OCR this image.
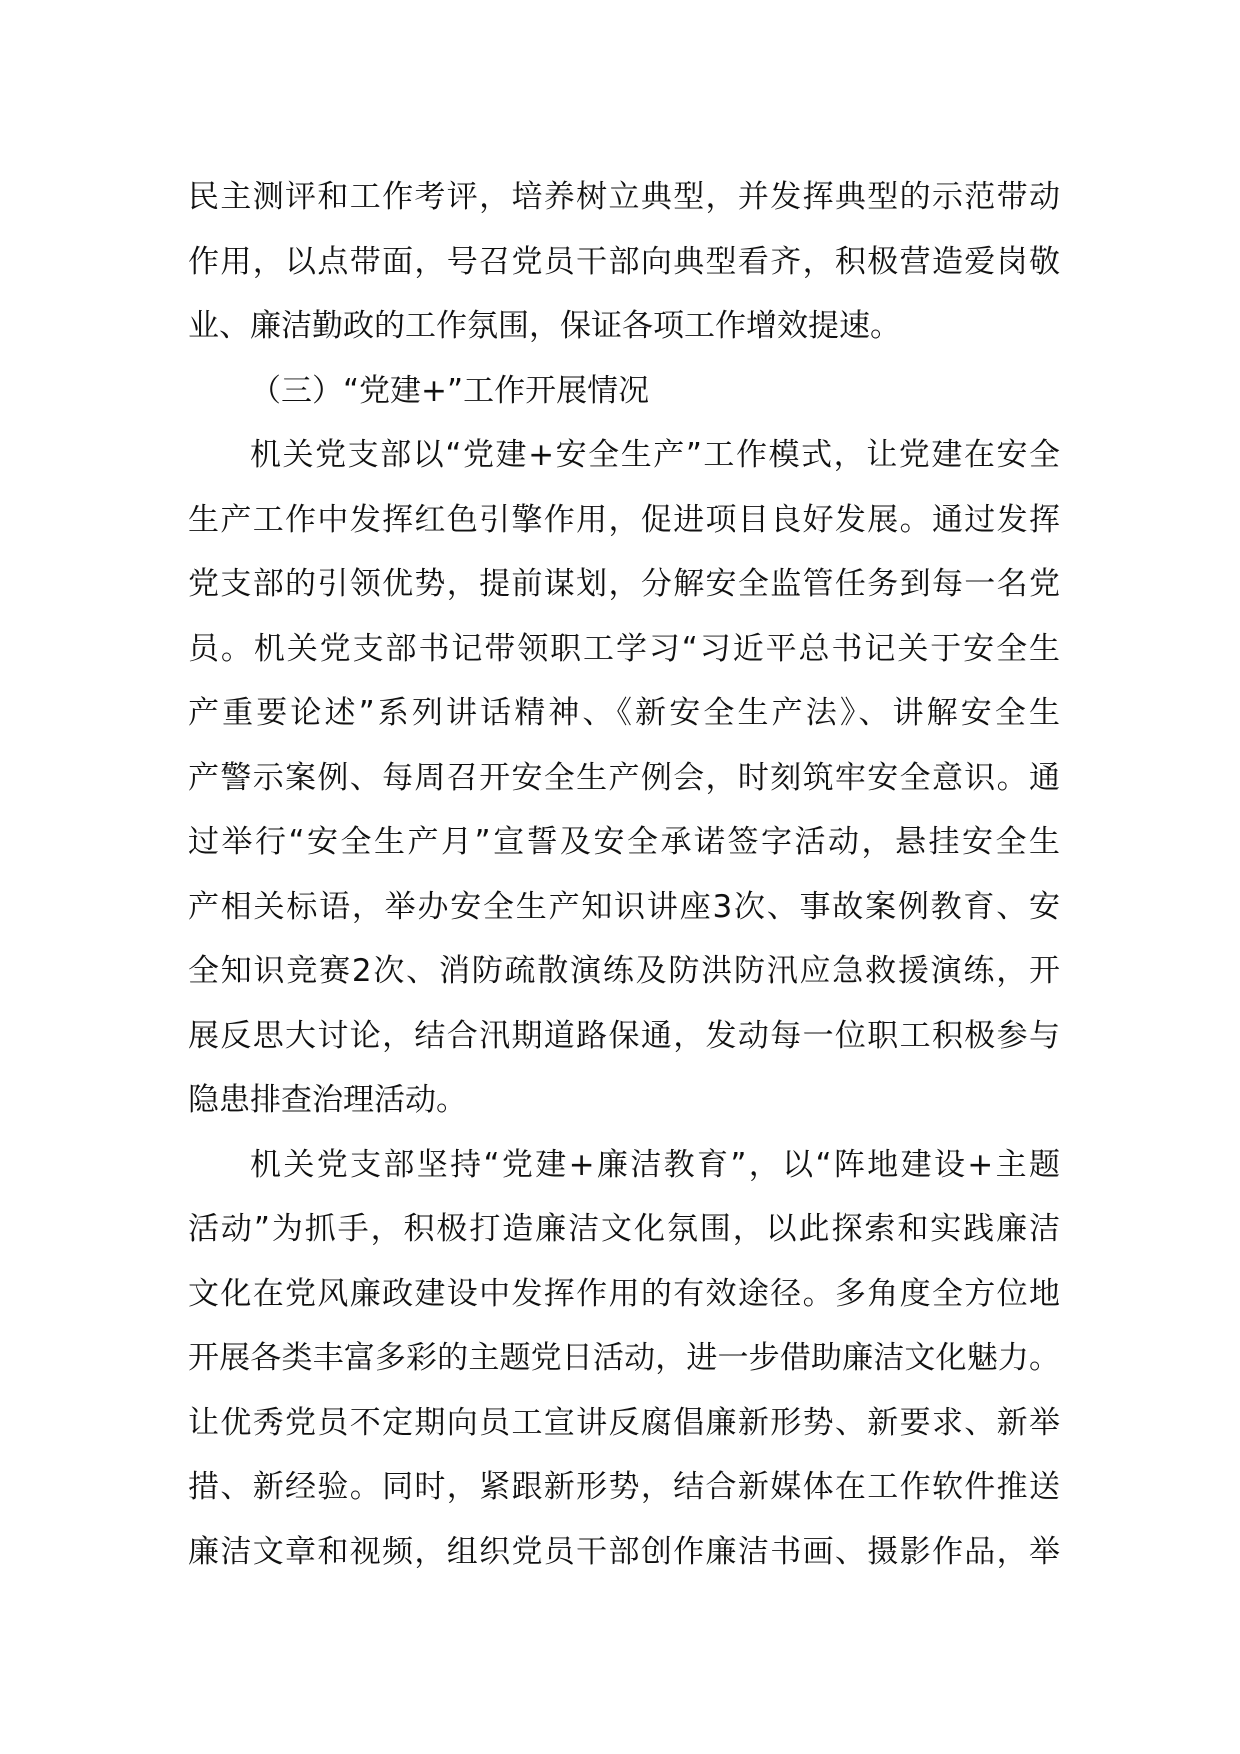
民主测评和工作考评，培养树立典型，并发挥典型的示范带动
作用，以点带面，号召党员干部向典型看齐，积极营造爱岗敬
业、廉洁勤政的工作氛围，保证各项工作增效提速。
（三）“党建+”工作开展情况
机关党支部以“党建+安全生产”工作模式，让党建在安全
生产工作中发挥红色引擎作用，促进项目良好发展。通过发挥
党支部的引领优势，提前谋划，分解安全监管任务到每一名党
员。机关党支部书记带领职工学习“习近平总书记关于安全生
产重要论述”系列讲话精神、《新安全生产法》、讲解安全生
产警示案例、每周召开安全生产例会，时刻筑牢安全意识。通
过举行“安全生产月”宣誓及安全承诺签字活动，悬挂安全生
产相关标语，举办安全生产知识讲座3次、事故案例教育、安
全知识竞赛2次、消防疏散演练及防洪防汛应急救援演练，开
展反思大讨论，结合汛期道路保通，发动每一位职工积极参与
隐患排查治理活动。
机关党支部坚持“党建+廉洁教育”，以“阵地建设+主题
活动”为抓手，积极打造廉洁文化氛围，以此探索和实践廉洁
文化在党风廉政建设中发挥作用的有效途径。多角度全方位地
开展各类丰富多彩的主题党日活动，进一步借助廉洁文化魅力。
让优秀党员不定期向员工宣讲反腐倡廉新形势、新要求、新举
措、新经验。同时，紧跟新形势，结合新媒体在工作软件推送
廉洁文章和视频，组织党员干部创作廉洁书画、摄影作品，举
